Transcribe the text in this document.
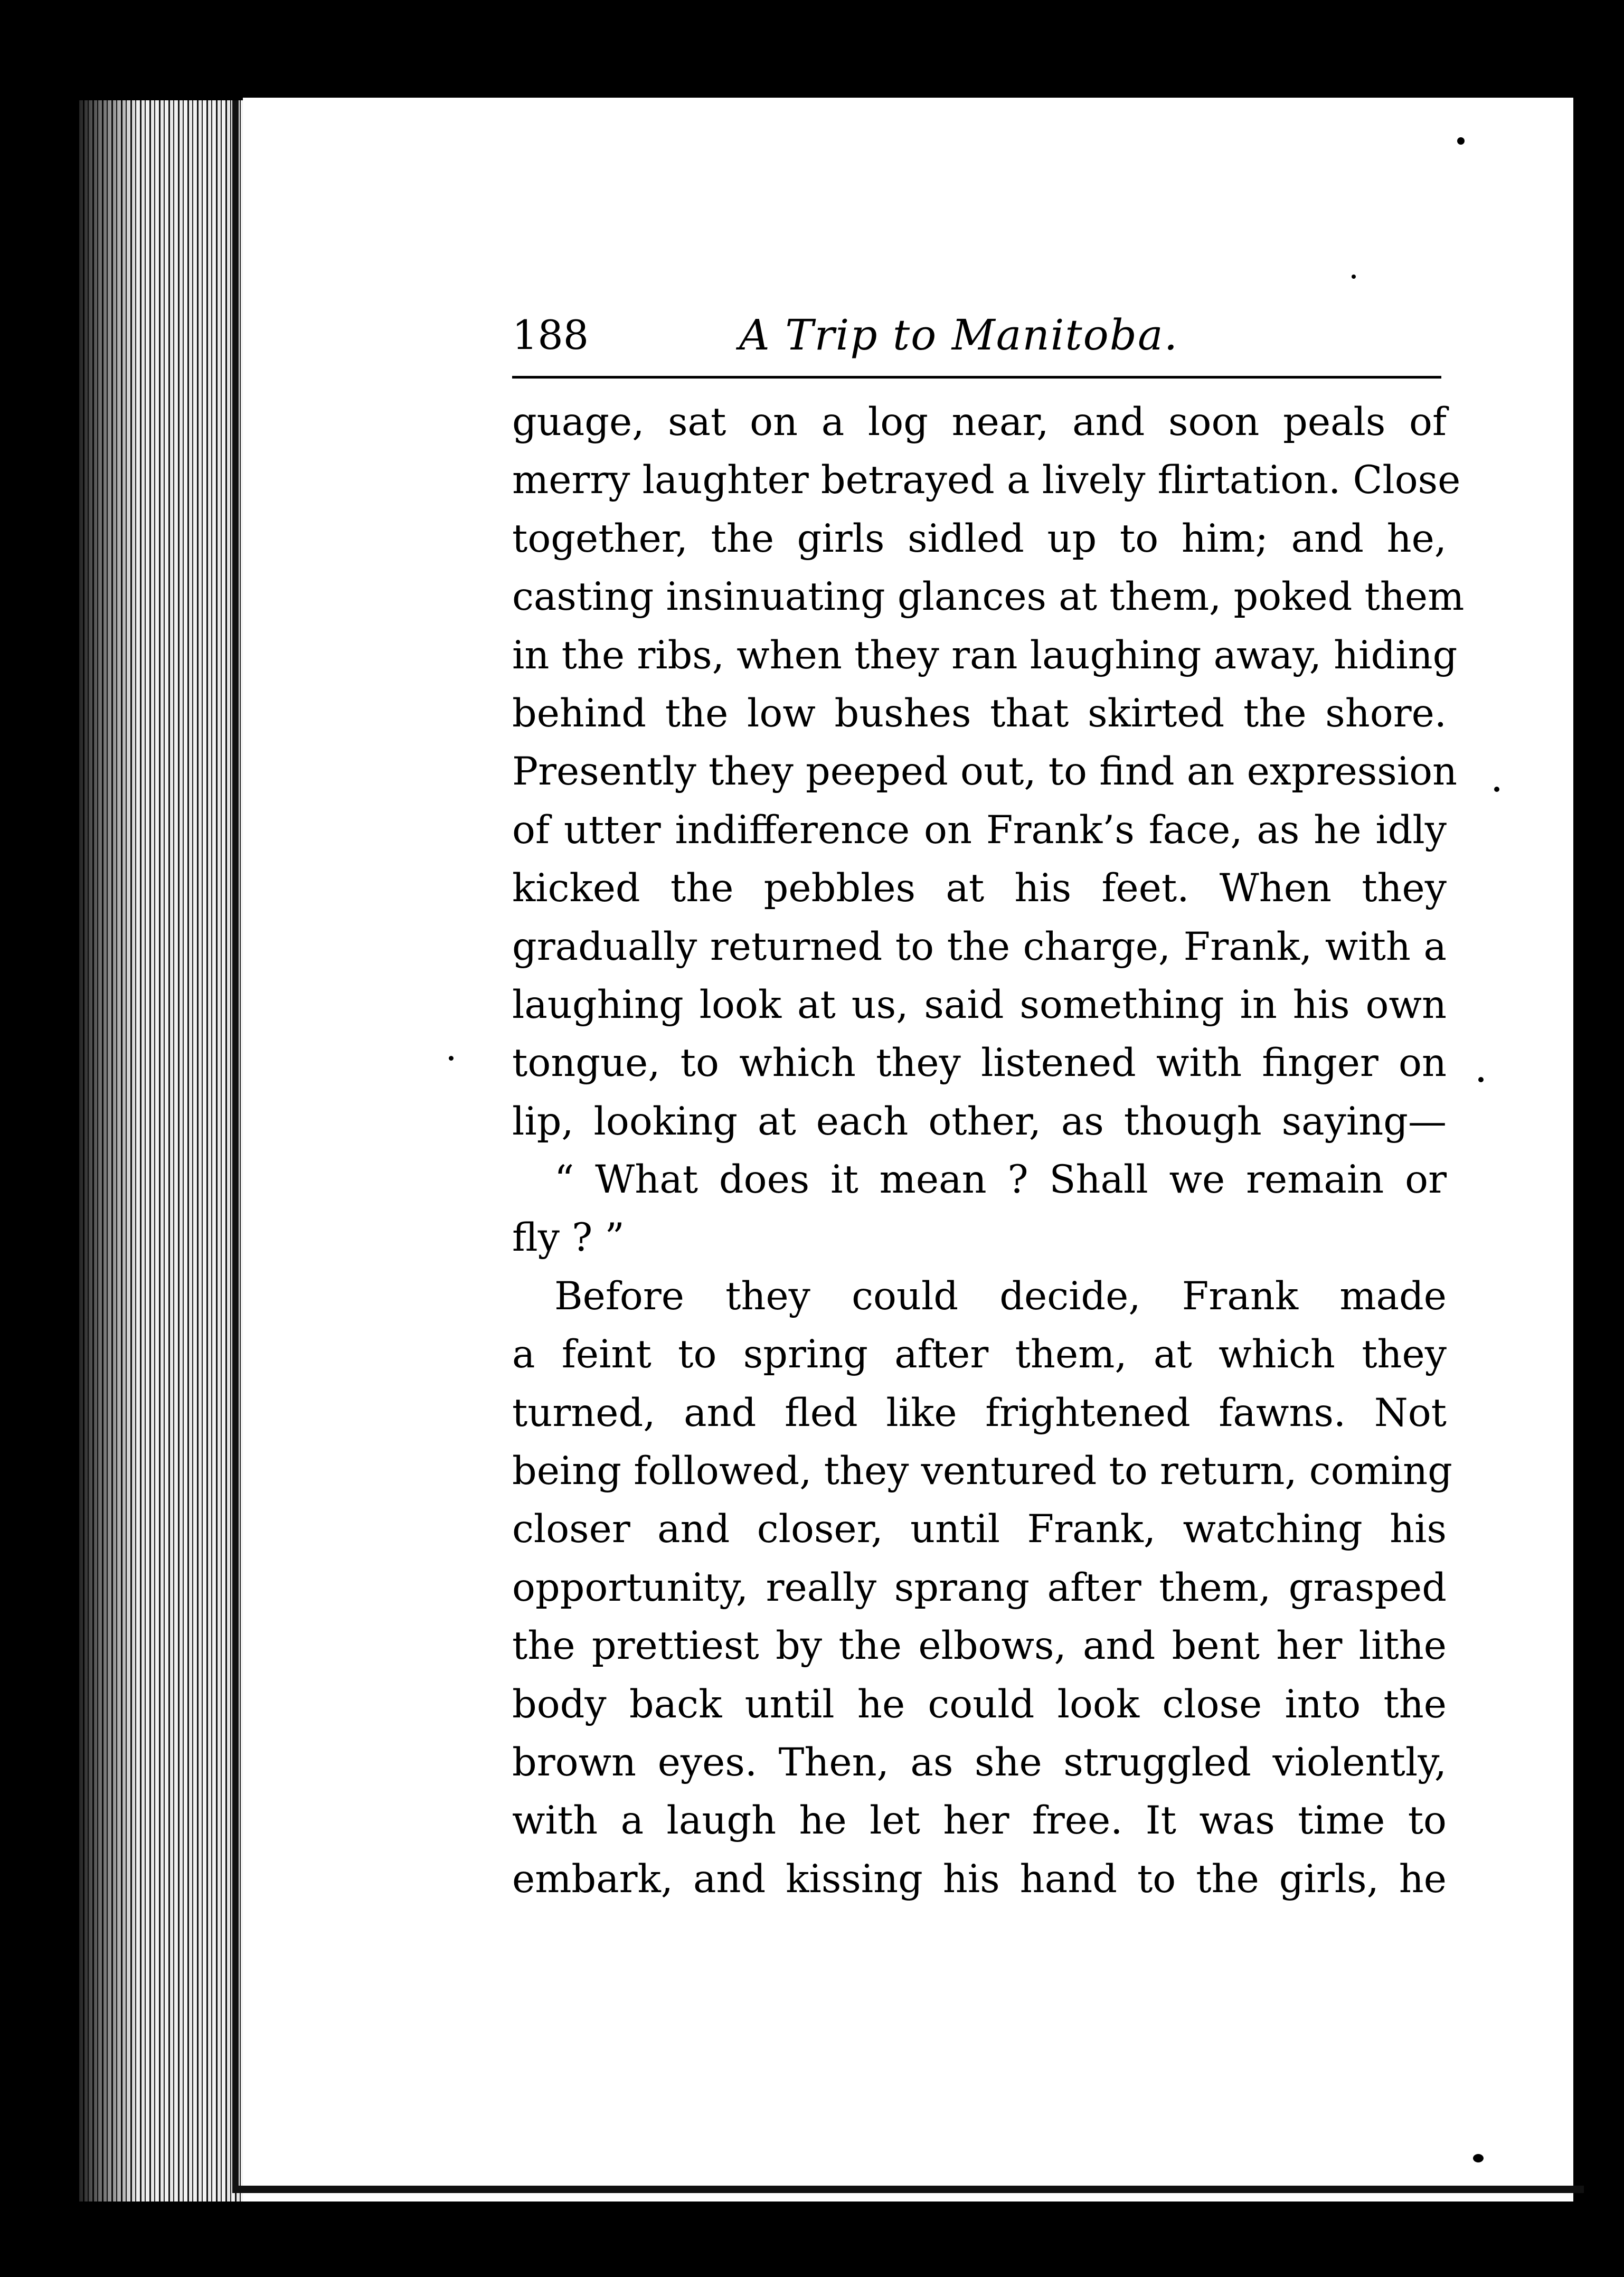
188	A Trip to Manitoba.
guage, sat on a log near, and soon peals of
merry laughter betrayed a lively flirtation. Close
together, the girls sidled up to him; and he,
casting insinuating glances at them, poked them
in the ribs, when they ran laughing away, hiding
behind the low bushes that skirted the shore.
Presently they peeped out, to find an expression
of utter indifference on Frank’s face, as he idly
kicked the pebbles at his feet. When they
gradually returned to the charge, Frank, with a
laughing look at us, said something in his own
tongue, to which they listened with finger on
lip, looking at each other, as though saying—
“ What does it mean ? Shall we remain or
fly ? ”
Before they could decide, Frank made
a feint to spring after them, at which they
turned, and fled like frightened fawns. Not
being followed, they ventured to return, coming
closer and closer, until Frank, watching his
opportunity, really sprang after them, grasped
the prettiest by the elbows, and bent her lithe
body back until he could look close into the
brown eyes. Then, as she struggled violently,
with a laugh he let her free. It was time to
embark, and kissing his hand to the girls, he
